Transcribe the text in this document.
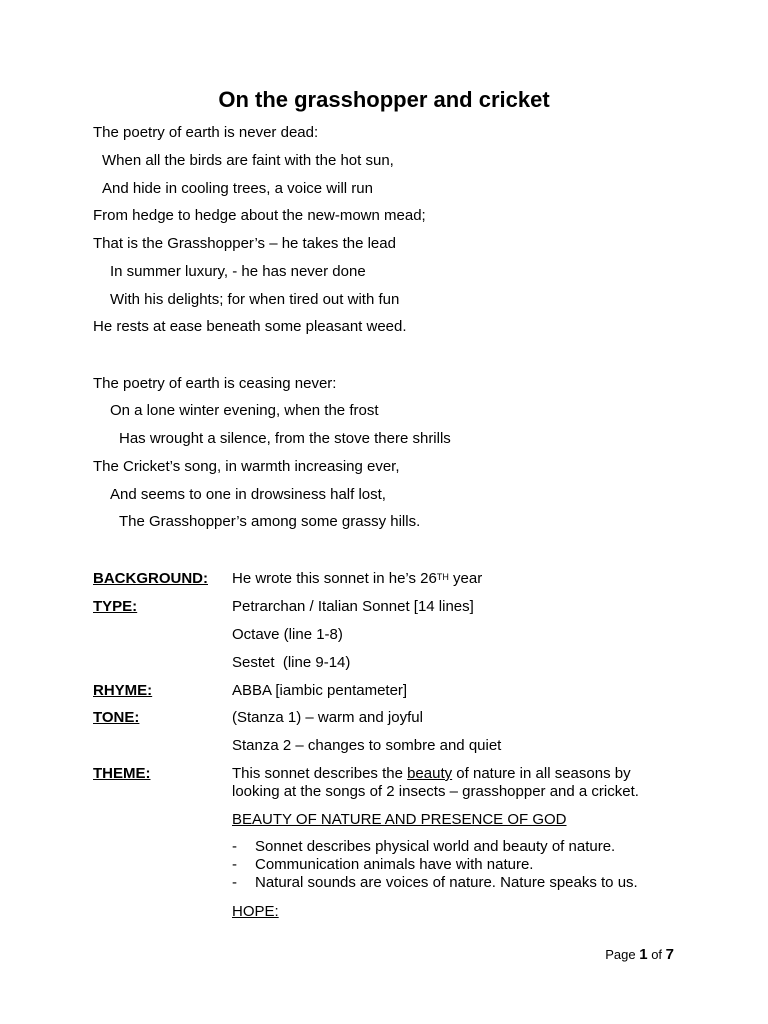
On the grasshopper and cricket
The poetry of earth is never dead:
When all the birds are faint with the hot sun,
And hide in cooling trees, a voice will run
From hedge to hedge about the new-mown mead;
That is the Grasshopper’s – he takes the lead
In summer luxury, - he has never done
With his delights; for when tired out with fun
He rests at ease beneath some pleasant weed.
The poetry of earth is ceasing never:
On a lone winter evening, when the frost
Has wrought a silence, from the stove there shrills
The Cricket’s song, in warmth increasing ever,
And seems to one in drowsiness half lost,
The Grasshopper’s among some grassy hills.
BACKGROUND: He wrote this sonnet in he’s 26TH year
TYPE:	Petrarchan / Italian Sonnet [14 lines]
Octave (line 1-8)
Sestet  (line 9-14)
RHYME:	ABBA [iambic pentameter]
TONE:	(Stanza 1) – warm and joyful
Stanza 2 – changes to sombre and quiet
THEME:	This sonnet describes the beauty of nature in all seasons by looking at the songs of 2 insects – grasshopper and a cricket.
BEAUTY OF NATURE AND PRESENCE OF GOD
- Sonnet describes physical world and beauty of nature.
- Communication animals have with nature.
- Natural sounds are voices of nature. Nature speaks to us.
HOPE:
Page 1 of 7
